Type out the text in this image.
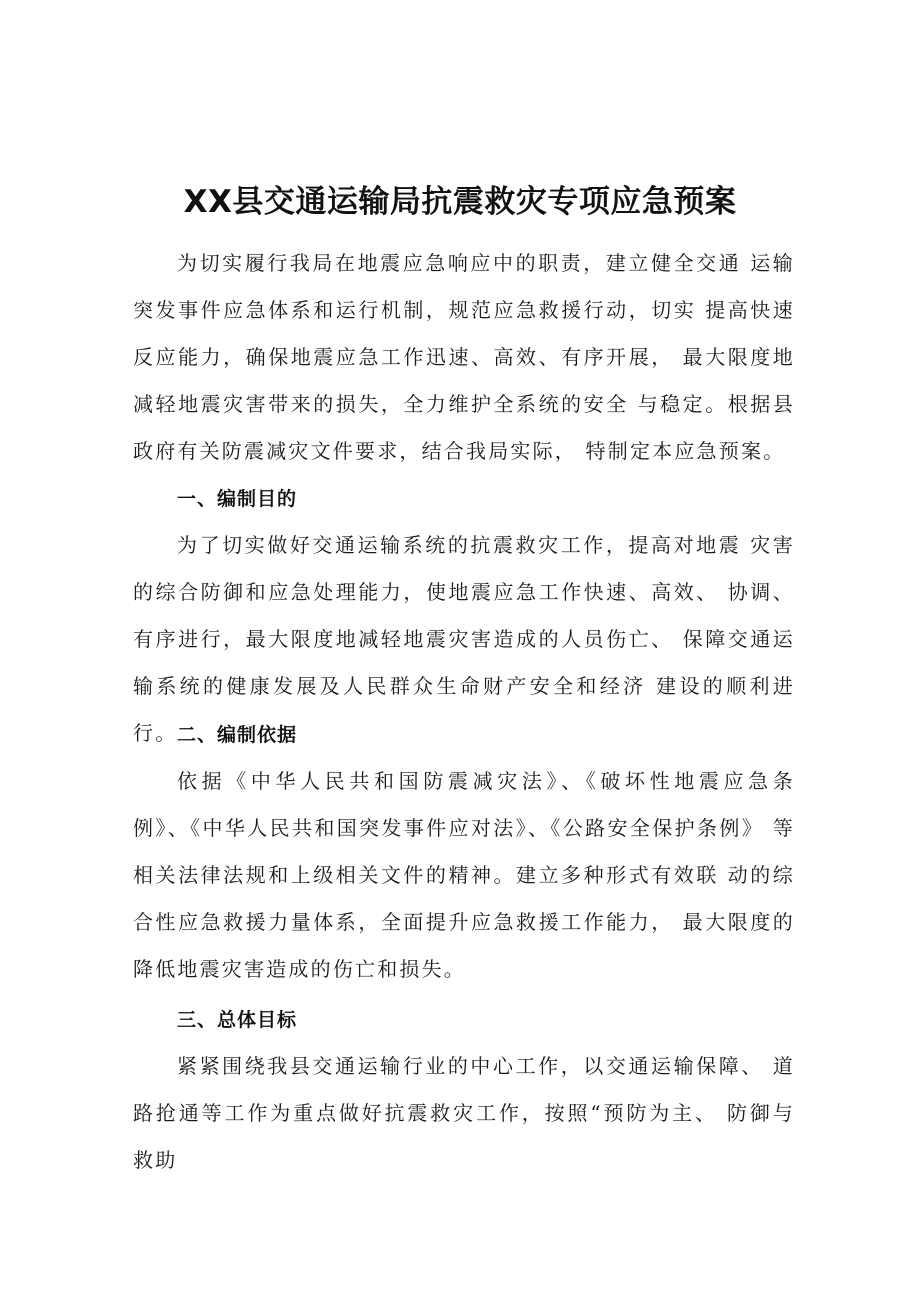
XX县交通运输局抗震救灾专项应急预案
为切实履行我局在地震应急响应中的职责，建立健全交通 运输突发事件应急体系和运行机制，规范应急救援行动，切实 提高快速反应能力，确保地震应急工作迅速、高效、有序开展， 最大限度地减轻地震灾害带来的损失，全力维护全系统的安全 与稳定。根据县政府有关防震减灾文件要求，结合我局实际， 特制定本应急预案。
一、编制目的
为了切实做好交通运输系统的抗震救灾工作，提高对地震 灾害的综合防御和应急处理能力，使地震应急工作快速、高效、 协调、有序进行，最大限度地减轻地震灾害造成的人员伤亡、 保障交通运输系统的健康发展及人民群众生命财产安全和经济 建设的顺利进行。 二、编制依据
依据《中华人民共和国防震减灾法》、《破坏性地震应急条 例》、《中华人民共和国突发事件应对法》、《公路安全保护条例》 等相关法律法规和上级相关文件的精神。建立多种形式有效联 动的综合性应急救援力量体系，全面提升应急救援工作能力， 最大限度的降低地震灾害造成的伤亡和损失。
三、总体目标
紧紧围绕我县交通运输行业的中心工作，以交通运输保障、 道路抢通等工作为重点做好抗震救灾工作，按照“预防为主、 防御与救助
